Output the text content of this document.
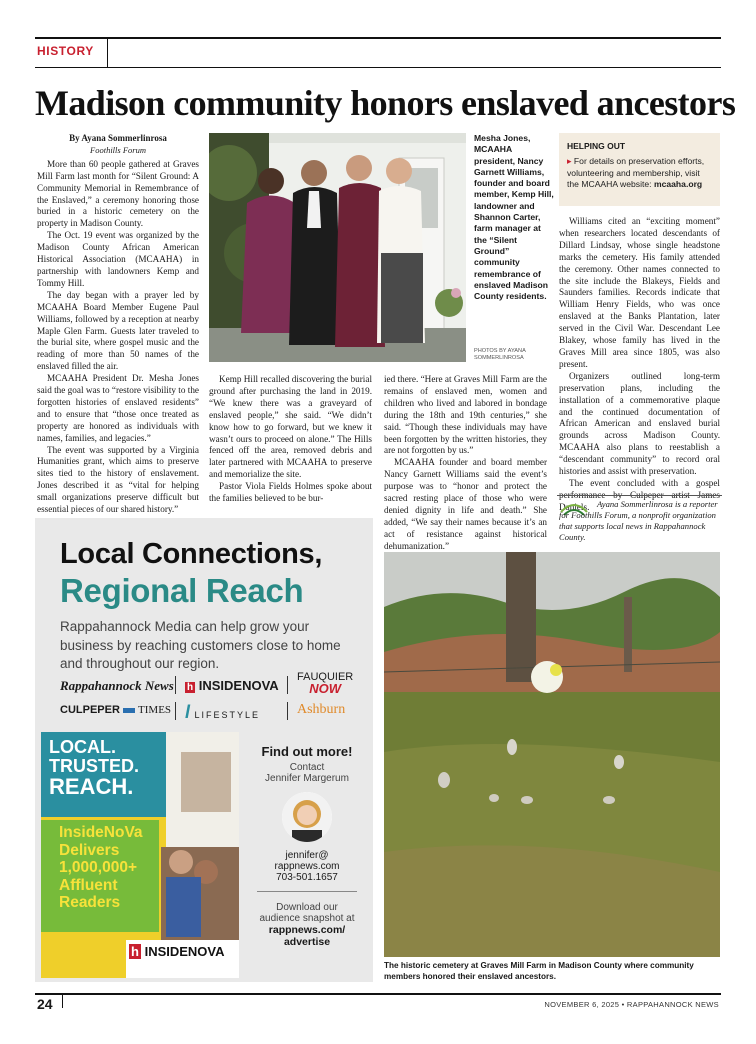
HISTORY
Madison community honors enslaved ancestors
By Ayana Sommerlinrosa
Foothills Forum

More than 60 people gathered at Graves Mill Farm last month for “Silent Ground: A Community Memorial in Remembrance of the Enslaved,” a ceremony honoring those buried in a historic cemetery on the property in Madison County.

The Oct. 19 event was organized by the Madison County African American Historical Association (MCAAHA) in partnership with landowners Kemp and Tommy Hill.

The day began with a prayer led by MCAAHA Board Member Eugene Paul Williams, followed by a reception at nearby Maple Glen Farm. Guests later traveled to the burial site, where gospel music and the reading of more than 50 names of the enslaved filled the air.

MCAAHA President Dr. Mesha Jones said the goal was to “restore visibility to the forgotten histories of enslaved residents” and to ensure that “those once treated as property are honored as individuals with names, families, and legacies.”

The event was supported by a Virginia Humanities grant, which aims to preserve sites tied to the history of enslavement. Jones described it as “vital for helping small organizations preserve difficult but essential pieces of our shared history.”

Mesha Jones, MCAAHA president, Nancy Garnett Williams, founder and board member, Kemp Hill, landowner and Shannon Carter, farm manager at the “Silent Ground” community remembrance of enslaved Madison County residents.
PHOTOS BY AYANA
SOMMERLINROSA
HELPING OUT
▸ For details on preservation efforts, volunteering and membership, visit the MCAAHA website: mcaaha.org

Kemp Hill recalled discovering the burial ground after purchasing the land in 2019. “We knew there was a graveyard of enslaved people,” she said. “We didn’t know how to go forward, but we knew it wasn’t ours to proceed on alone.” The Hills fenced off the area, removed debris and later partnered with MCAAHA to preserve and memorialize the site.

Pastor Viola Fields Holmes spoke about the families believed to be bur-

ied there. “Here at Graves Mill Farm are the remains of enslaved men, women and children who lived and labored in bondage during the 18th and 19th centuries,” she said. “Though these individuals may have been forgotten by the written histories, they are not forgotten by us.”

MCAAHA founder and board member Nancy Garnett Williams said the event’s purpose was to “honor and protect the sacred resting place of those who were denied dignity in life and death.” She added, “We say their names because it’s an act of resistance against historical dehumanization.”

Williams cited an “exciting moment” when researchers located descendants of Dillard Lindsay, whose single headstone marks the cemetery. His family attended the ceremony. Other names connected to the site include the Blakeys, Fields and Saunders families. Records indicate that William Henry Fields, who was once enslaved at the Banks Plantation, later served in the Civil War. Descendant Lee Blakey, whose family has lived in the Graves Mill area since 1805, was also present.

Organizers outlined long-term preservation plans, including the installation of a commemorative plaque and the continued documentation of African American and enslaved burial grounds across Madison County. MCAAHA also plans to reestablish a “descendant community” to record oral histories and assist with preservation.

The event concluded with a gospel performance by Culpeper artist James Daniels. Ayana Sommerlinrosa is a reporter for Foothills Forum, a nonprofit organization that supports local news in Rappahannock County.
The historic cemetery at Graves Mill Farm in Madison County where community members honored their enslaved ancestors.
Local Connections,
Regional Reach
Rappahannock Media can help grow your business by reaching customers close to home and throughout our region.
Rappahannock News h INSIDENOVA
FAUQUIER
NOW
CULPEPER TIMES l LIFESTYLE	Ashburn
LOCAL.
TRUSTED.
REACH.
InsideNoVa
Delivers
1,000,000+
Affluent
Readers
h INSIDENOVA
Find out more!
Contact
Jennifer Margerum
jennifer@
rappnews.com
703-501.1657
Download our
audience snapshot at
rappnews.com/
advertise
24	NOVEMBER 6, 2025 • RAPPAHANNOCK NEWS
